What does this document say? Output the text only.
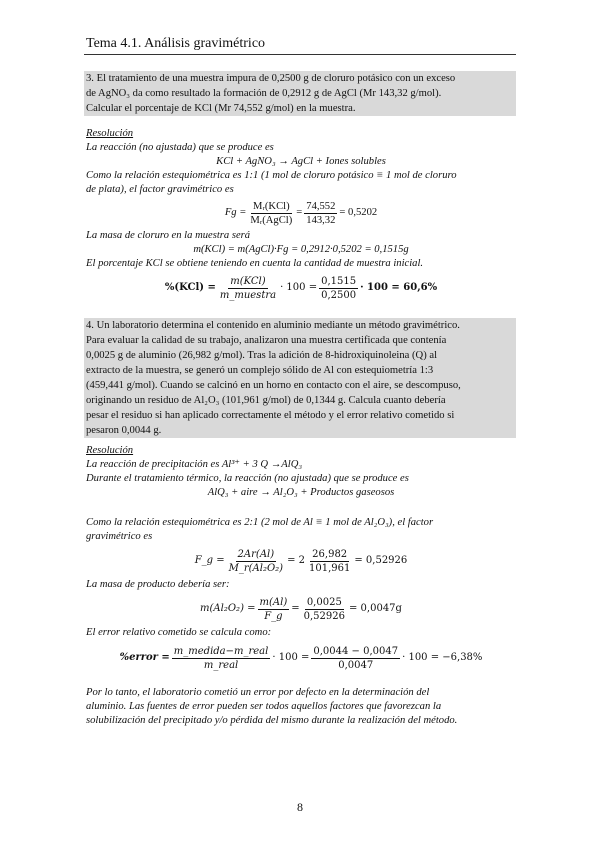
Tema 4.1. Análisis gravimétrico

3. El tratamiento de una muestra impura de 0,2500 g de cloruro potásico con un exceso

de AgNO₃ da como resultado la formación de 0,2912 g de AgCl (Mr 143,32 g/mol).

Calcular el porcentaje de KCl (Mr 74,552 g/mol) en la muestra.

Resolución
La reacción (no ajustada) que se produce es
KCl + AgNO₃ → AgCl + Iones solubles
Como la relación estequiométrica es 1:1 (1 mol de cloruro potásico ≡ 1 mol de cloruro
de plata), el factor gravimétrico es
$Fg = \frac{\text{Mᵣ(KCl)}}{\text{Mᵣ(AgCl)}} = \frac{74,552}{143,32} = 0,5202$
La masa de cloruro en la muestra será
m(KCl) = m(AgCl)·Fg = 0,2912·0,5202 = 0,1515g
El porcentaje KCl se obtiene teniendo en cuenta la cantidad de muestra inicial.
$\%(KCl) = \frac{\text{m(KCl)}}{\text{m\_muestra}} \cdot 100 = \frac{0,1515}{0,2500} \cdot 100 = 60,6\%$

4. Un laboratorio determina el contenido en aluminio mediante un método gravimétrico.

Para evaluar la calidad de su trabajo, analizaron una muestra certificada que contenía

0,0025 g de aluminio (26,982 g/mol). Tras la adición de 8-hidroxiquinoleina (Q) al

extracto de la muestra, se generó un complejo sólido de Al con estequiometría 1:3

(459,441 g/mol). Cuando se calcinó en un horno en contacto con el aire, se descompuso,

originando un residuo de Al₂O₃ (101,961 g/mol) de 0,1344 g. Calcula cuanto debería

pesar el residuo si han aplicado correctamente el método y el error relativo cometido si

pesaron 0,0044 g.

Resolución
La reacción de precipitación es Al³⁺ + 3 Q →AlQ₃
Durante el tratamiento térmico, la reacción (no ajustada) que se produce es
AlQ₃ + aire → Al₂O₃ + Productos gaseosos
Como la relación estequiométrica es 2:1 (2 mol de Al ≡ 1 mol de Al₂O₃), el factor
gravimétrico es
F_g = $\frac{2Ar(Al)}{\text{M\_r(Al₂O₂)}} = 2 \frac{26,982}{101,961} = 0,52926$
La masa de producto debería ser:
$m(Al_2O_2) = \frac{m(Al)}{F\_g} = \frac{0,0025}{0,52926} = 0,0047g$
El error relativo cometido se calcula como:
%error = $\frac{\text{m\_medida−m\_real}}{\text{m\_real}} \cdot 100 = \frac{0,0044 - 0,0047}{0,0047} \cdot 100 = -6,38\%$
Por lo tanto, el laboratorio cometió un error por defecto en la determinación del
aluminio. Las fuentes de error pueden ser todos aquellos factores que favorezcan la
solubilización del precipitado y/o pérdida del mismo durante la realización del método.
8
